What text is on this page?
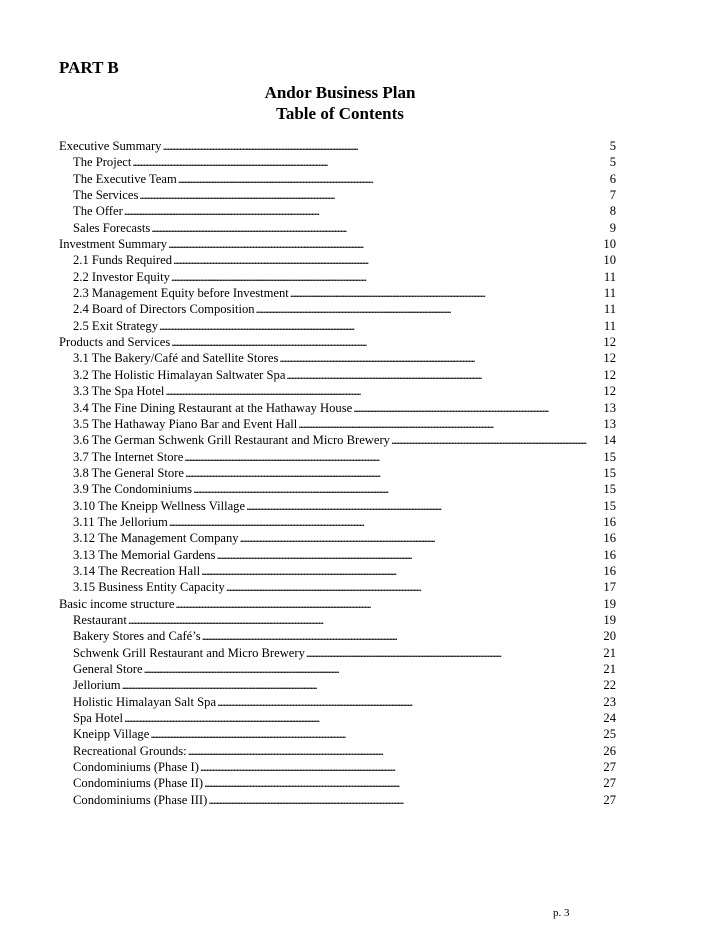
PART B
Andor Business Plan
Table of Contents
Executive Summary . . .	5
The Project . . .	5
The Executive Team . . .	6
The Services . . .	7
The Offer . . .	8
Sales Forecasts . . .	9
Investment Summary . . .	10
2.1 Funds Required . . .	10
2.2 Investor Equity . . .	11
2.3 Management Equity before Investment . . .	11
2.4 Board of Directors Composition . . .	11
2.5 Exit Strategy . . .	11
Products and Services . . .	12
3.1 The Bakery/Café and Satellite Stores . . .	12
3.2 The Holistic Himalayan Saltwater Spa . . .	12
3.3 The Spa Hotel . . .	12
3.4 The Fine Dining Restaurant at the Hathaway House . . .	13
3.5 The Hathaway Piano Bar and Event Hall . . .	13
3.6 The German Schwenk Grill Restaurant and Micro Brewery . . .	14
3.7 The Internet Store . . .	15
3.8 The General Store . . .	15
3.9 The Condominiums . . .	15
3.10 The Kneipp Wellness Village . . .	15
3.11 The Jellorium . . .	16
3.12 The Management Company . . .	16
3.13 The Memorial Gardens . . .	16
3.14 The Recreation Hall . . .	16
3.15 Business Entity Capacity . . .	17
Basic income structure . . .	19
Restaurant . . .	19
Bakery Stores and Café’s . . .	20
Schwenk Grill Restaurant and Micro Brewery . . .	21
General Store . . .	21
Jellorium . . .	22
Holistic Himalayan Salt Spa . . .	23
Spa Hotel . . .	24
Kneipp Village . . .	25
Recreational Grounds: . . .	26
Condominiums (Phase I) . . .	27
Condominiums (Phase II) . . .	27
Condominiums (Phase III) . . .	27

p. 3
